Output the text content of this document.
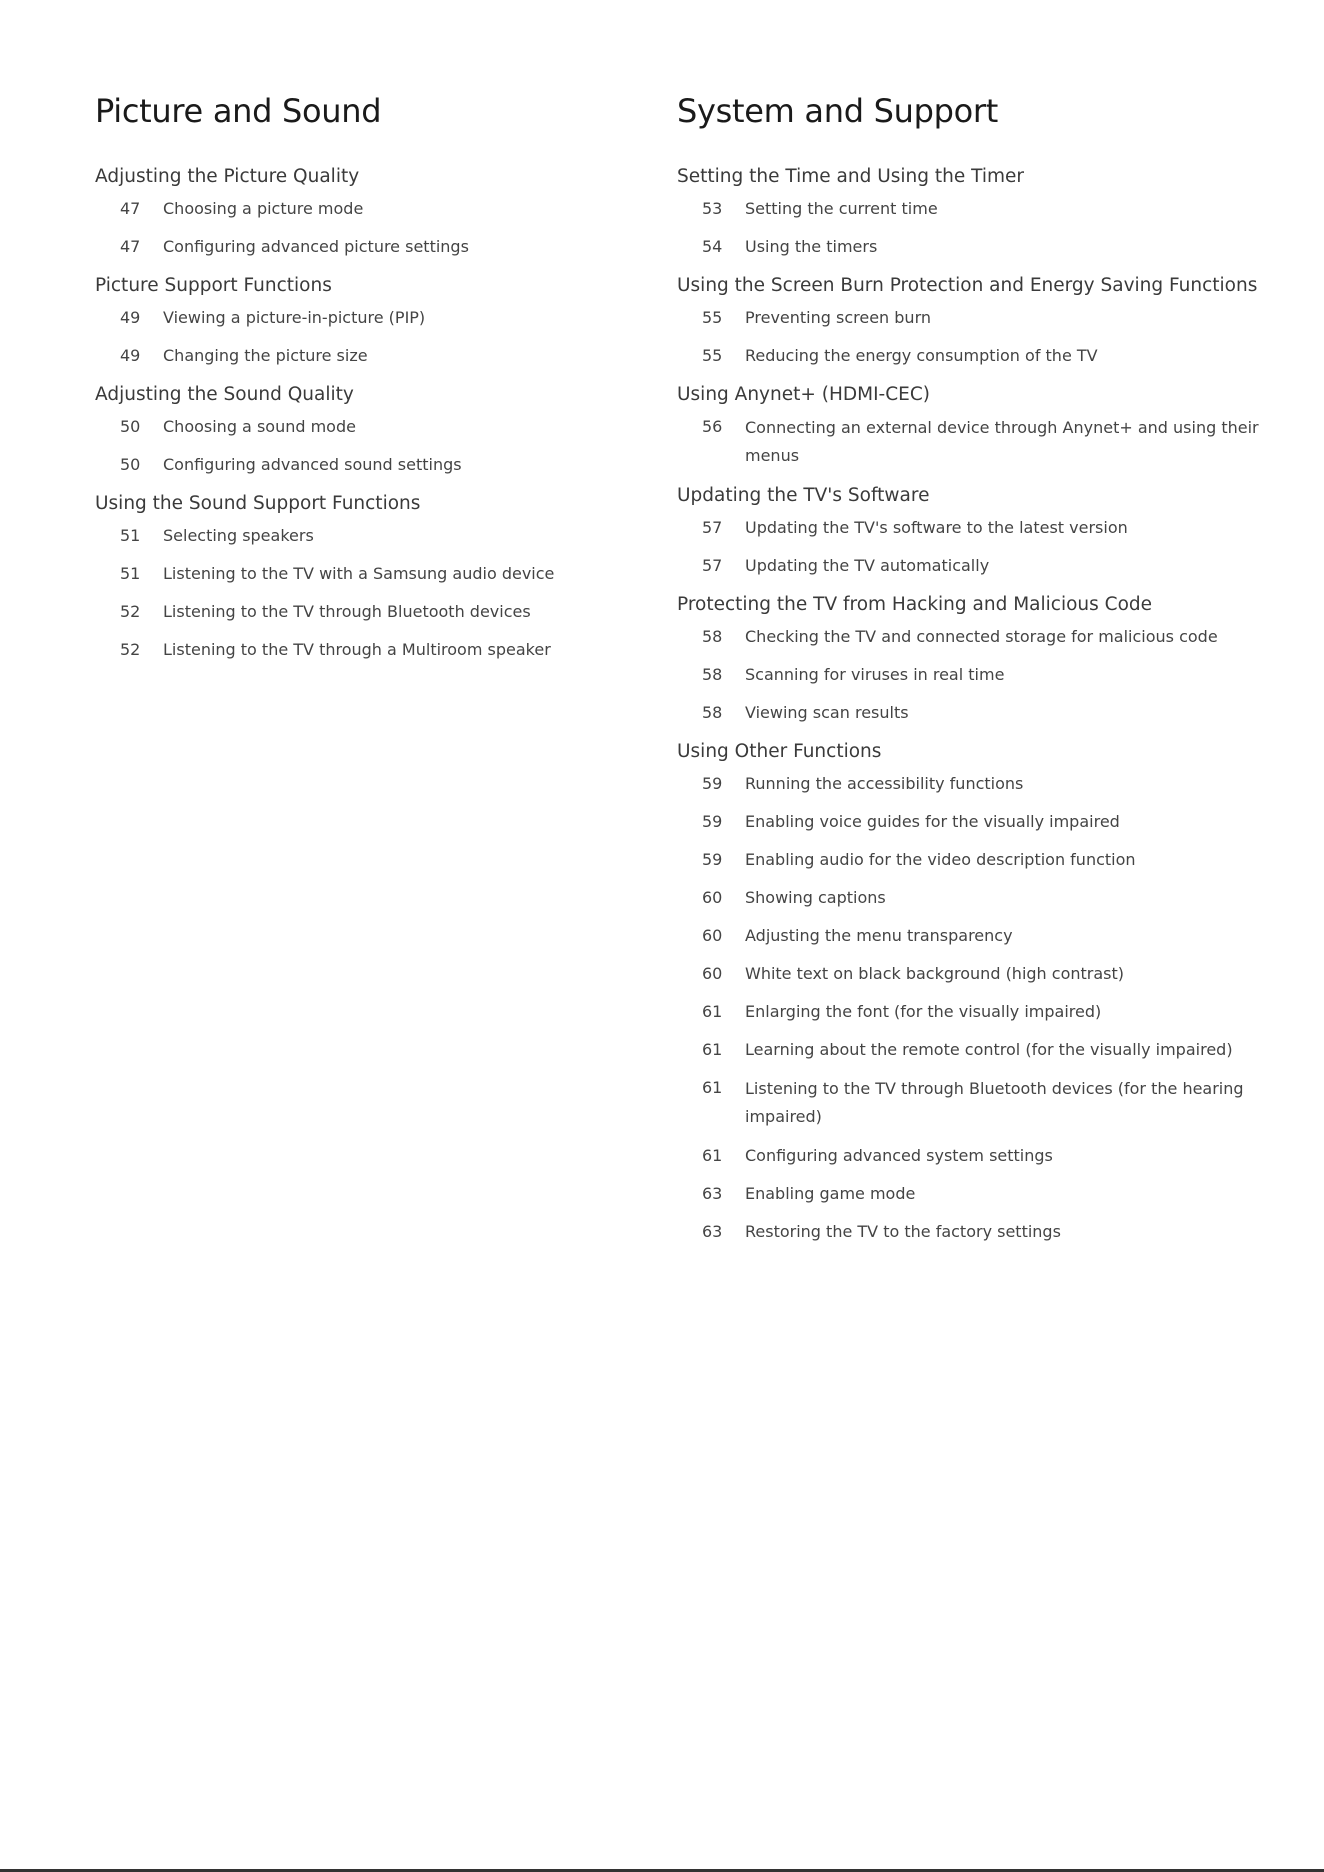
Picture and Sound
Adjusting the Picture Quality
47 Choosing a picture mode
47 Configuring advanced picture settings
Picture Support Functions
49 Viewing a picture-in-picture (PIP)
49 Changing the picture size
Adjusting the Sound Quality
50 Choosing a sound mode
50 Configuring advanced sound settings
Using the Sound Support Functions
51 Selecting speakers
51 Listening to the TV with a Samsung audio device
52 Listening to the TV through Bluetooth devices
52 Listening to the TV through a Multiroom speaker
System and Support
Setting the Time and Using the Timer
53 Setting the current time
54 Using the timers
Using the Screen Burn Protection and Energy Saving Functions
55 Preventing screen burn
55 Reducing the energy consumption of the TV
Using Anynet+ (HDMI-CEC)
56 Connecting an external device through Anynet+ and using their menus
Updating the TV's Software
57 Updating the TV's software to the latest version
57 Updating the TV automatically
Protecting the TV from Hacking and Malicious Code
58 Checking the TV and connected storage for malicious code
58 Scanning for viruses in real time
58 Viewing scan results
Using Other Functions
59 Running the accessibility functions
59 Enabling voice guides for the visually impaired
59 Enabling audio for the video description function
60 Showing captions
60 Adjusting the menu transparency
60 White text on black background (high contrast)
61 Enlarging the font (for the visually impaired)
61 Learning about the remote control (for the visually impaired)
61 Listening to the TV through Bluetooth devices (for the hearing impaired)
61 Configuring advanced system settings
63 Enabling game mode
63 Restoring the TV to the factory settings
